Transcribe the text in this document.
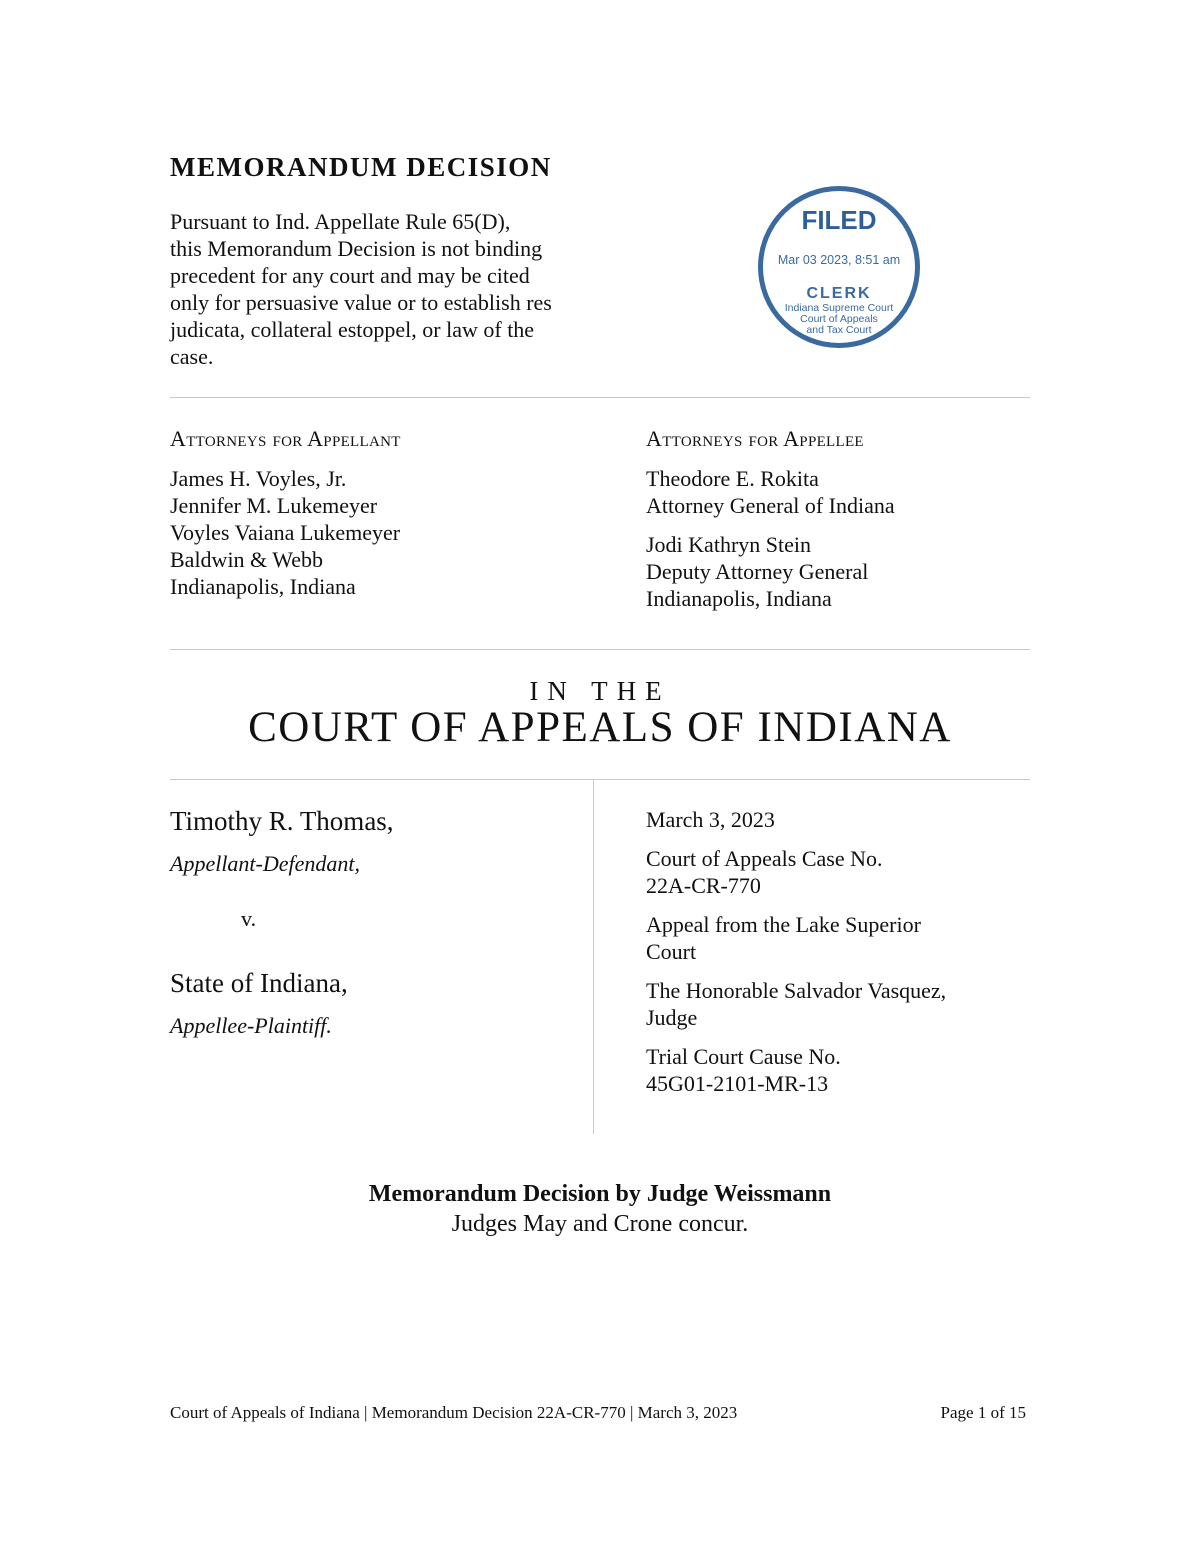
MEMORANDUM DECISION
Pursuant to Ind. Appellate Rule 65(D),
this Memorandum Decision is not binding
precedent for any court and may be cited
only for persuasive value or to establish res
judicata, collateral estoppel, or law of the
case.
FILED
Mar 03 2023, 8:51 am
CLERK
Indiana Supreme Court
Court of Appeals
and Tax Court
Attorneys for Appellant
James H. Voyles, Jr.
Jennifer M. Lukemeyer
Voyles Vaiana Lukemeyer
Baldwin & Webb
Indianapolis, Indiana
Attorneys for Appellee
Theodore E. Rokita
Attorney General of Indiana
Jodi Kathryn Stein
Deputy Attorney General
Indianapolis, Indiana
IN THE
COURT OF APPEALS OF INDIANA
Timothy R. Thomas,
Appellant-Defendant,
v.
State of Indiana,
Appellee-Plaintiff.
March 3, 2023
Court of Appeals Case No.
22A-CR-770
Appeal from the Lake Superior
Court
The Honorable Salvador Vasquez,
Judge
Trial Court Cause No.
45G01-2101-MR-13
Memorandum Decision by Judge Weissmann
Judges May and Crone concur.
Court of Appeals of Indiana | Memorandum Decision 22A-CR-770 | March 3, 2023	Page 1 of 15
